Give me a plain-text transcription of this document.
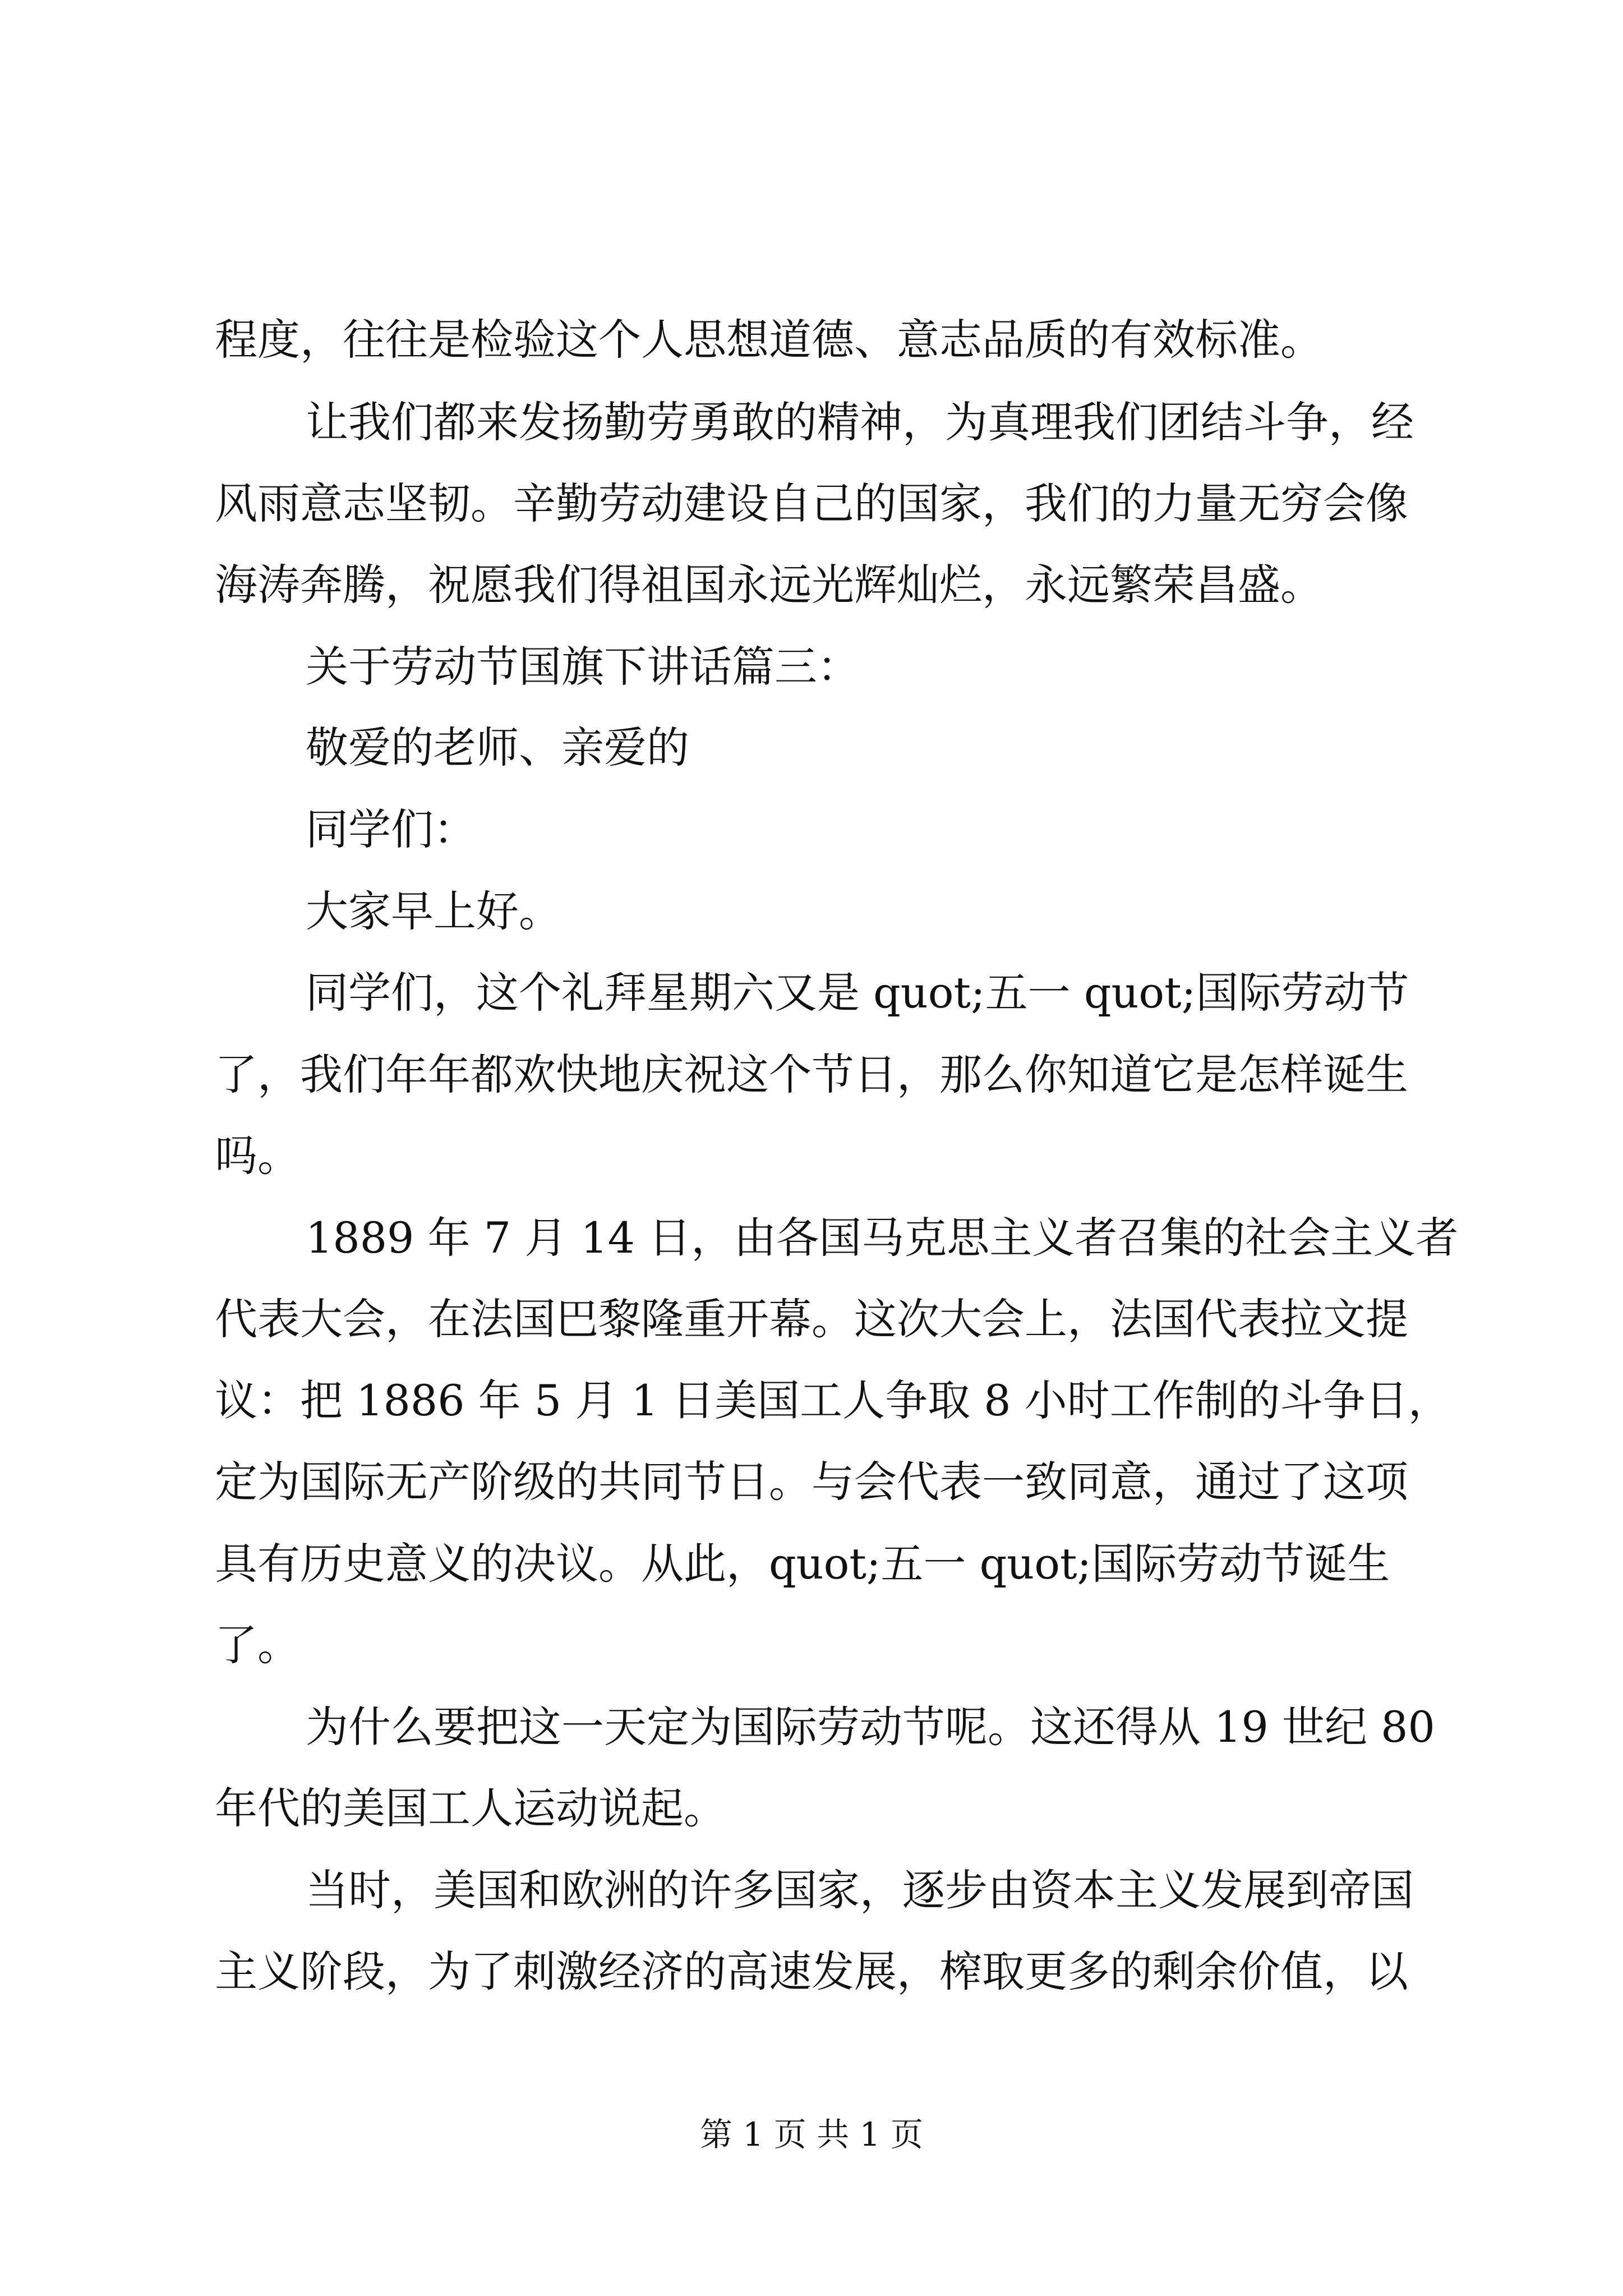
程度，往往是检验这个人思想道德、意志品质的有效标准。
让我们都来发扬勤劳勇敢的精神，为真理我们团结斗争，经
风雨意志坚韧。辛勤劳动建设自己的国家，我们的力量无穷会像
海涛奔腾，祝愿我们得祖国永远光辉灿烂，永远繁荣昌盛。
关于劳动节国旗下讲话篇三：
敬爱的老师、亲爱的
同学们：
大家早上好。
同学们，这个礼拜星期六又是 quot;五一 quot;国际劳动节
了，我们年年都欢快地庆祝这个节日，那么你知道它是怎样诞生
吗。
1889 年 7 月 14 日，由各国马克思主义者召集的社会主义者
代表大会，在法国巴黎隆重开幕。这次大会上，法国代表拉文提
议：把 1886 年 5 月 1 日美国工人争取 8 小时工作制的斗争日，
定为国际无产阶级的共同节日。与会代表一致同意，通过了这项
具有历史意义的决议。从此，quot;五一 quot;国际劳动节诞生
了。
为什么要把这一天定为国际劳动节呢。这还得从 19 世纪 80
年代的美国工人运动说起。
当时，美国和欧洲的许多国家，逐步由资本主义发展到帝国
主义阶段，为了刺激经济的高速发展，榨取更多的剩余价值，以
第 1 页 共 1 页
